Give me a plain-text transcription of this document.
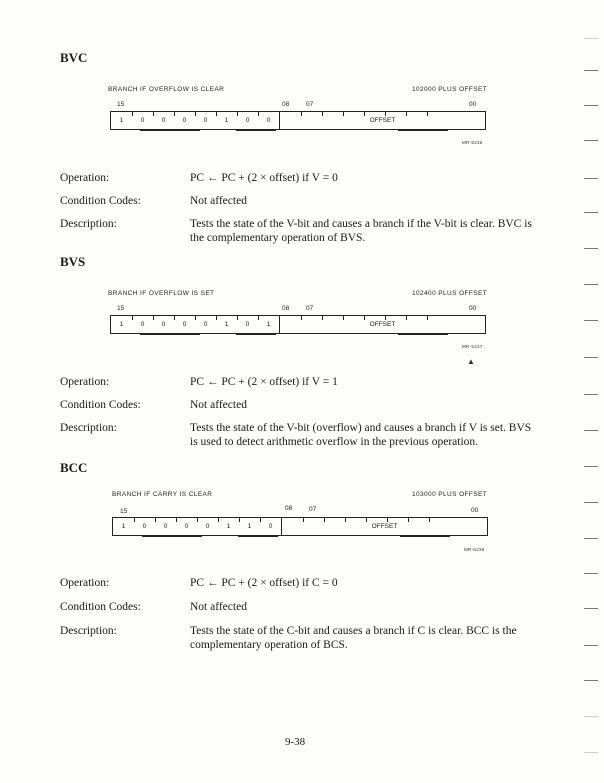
BVC
BRANCH IF OVERFLOW IS CLEAR	102000 PLUS OFFSET
15	08	07	00
1	0	0	0	0	1	0	0	OFFSET
MR-5236
Operation:	PC ← PC + (2 × offset) if V = 0
Condition Codes:	Not affected
Description:	Tests the state of the V-bit and causes a branch if the V-bit is clear. BVC is the complementary operation of BVS.
BVS
BRANCH IF OVERFLOW IS SET	102400 PLUS OFFSET
15	08	07	00
1	0	0	0	0	1	0	1	OFFSET
MR-5237
▲
Operation:	PC ← PC + (2 × offset) if V = 1
Condition Codes:	Not affected
Description:	Tests the state of the V-bit (overflow) and causes a branch if V is set. BVS is used to detect arithmetic overflow in the previous operation.
BCC
BRANCH IF CARRY IS CLEAR	103000 PLUS OFFSET
15	08	07	00
1	0	0	0	0	1	1	0	OFFSET
MR-5238
Operation:	PC ← PC + (2 × offset) if C = 0
Condition Codes:	Not affected
Description:	Tests the state of the C-bit and causes a branch if C is clear. BCC is the complementary operation of BCS.
9-38
